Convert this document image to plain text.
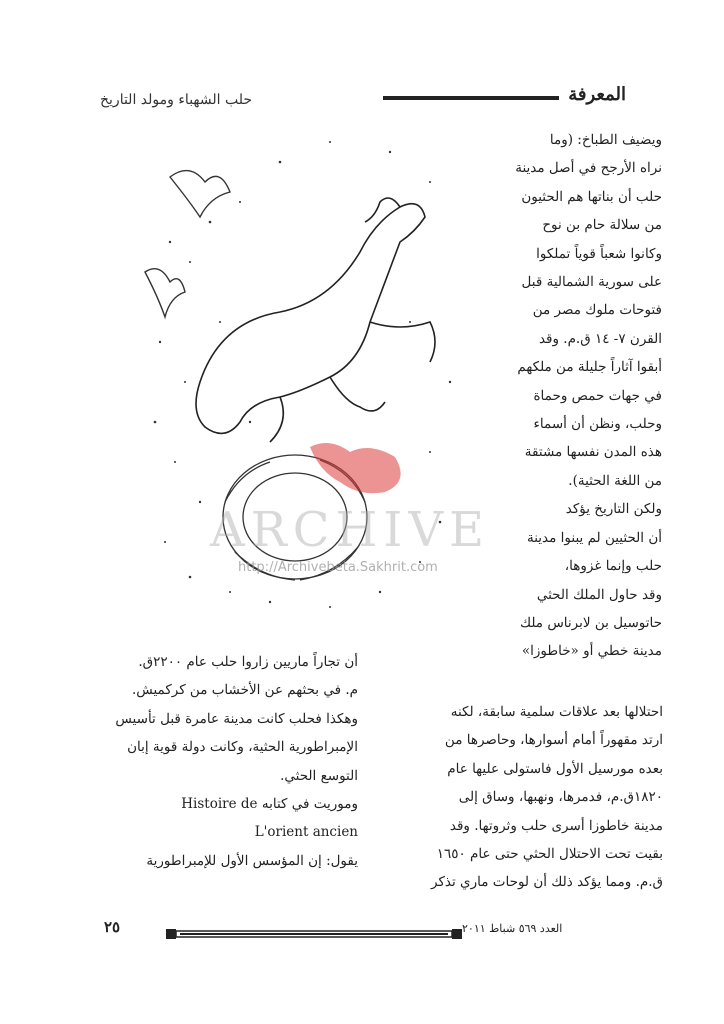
حلب الشهباء ومولد التاريخ	المعرفة
ARCHIVE
http://Archivebeta.Sakhrit.com

ويضيف الطباخ: (وما

نراه الأرجح في أصل مدينة

حلب أن بناتها هم الحثيون

من سلالة حام بن نوح

وكانوا شعباً قوياً تملكوا

على سورية الشمالية قبل

فتوحات ملوك مصر من

القرن ٧- ١٤ ق.م. وقد

أبقوا آثاراً جليلة من ملكهم

في جهات حمص وحماة

وحلب، ونظن أن أسماء

هذه المدن نفسها مشتقة

من اللغة الحثية).

ولكن التاريخ يؤكد

أن الحثيين لم يبنوا مدينة

حلب وإنما غزوها،

وقد حاول الملك الحثي

حاتوسيل بن لابرناس ملك

مدينة خطي أو «خاطوزا»

احتلالها بعد علاقات سلمية سابقة، لكنه

ارتد مقهوراً أمام أسوارها، وحاصرها من

بعده مورسيل الأول فاستولى عليها عام

١٨٢٠ق.م، فدمرها، ونهبها، وساق إلى

مدينة خاطوزا أسرى حلب وثروتها. وقد

بقيت تحت الاحتلال الحثي حتى عام ١٦٥٠

ق.م. ومما يؤكد ذلك أن لوحات ماري تذكر

أن تجاراً ماريين زاروا حلب عام ٢٢٠٠ق.

م. في بحثهم عن الأخشاب من كركميش.

وهكذا فحلب كانت مدينة عامرة قبل تأسيس

الإمبراطورية الحثية، وكانت دولة قوية إبان

التوسع الحثي.

وموريت في كتابه Histoire de

L'orient ancien

يقول: إن المؤسس الأول للإمبراطورية

٢٥	العدد ٥٦٩ شباط ٢٠١١
